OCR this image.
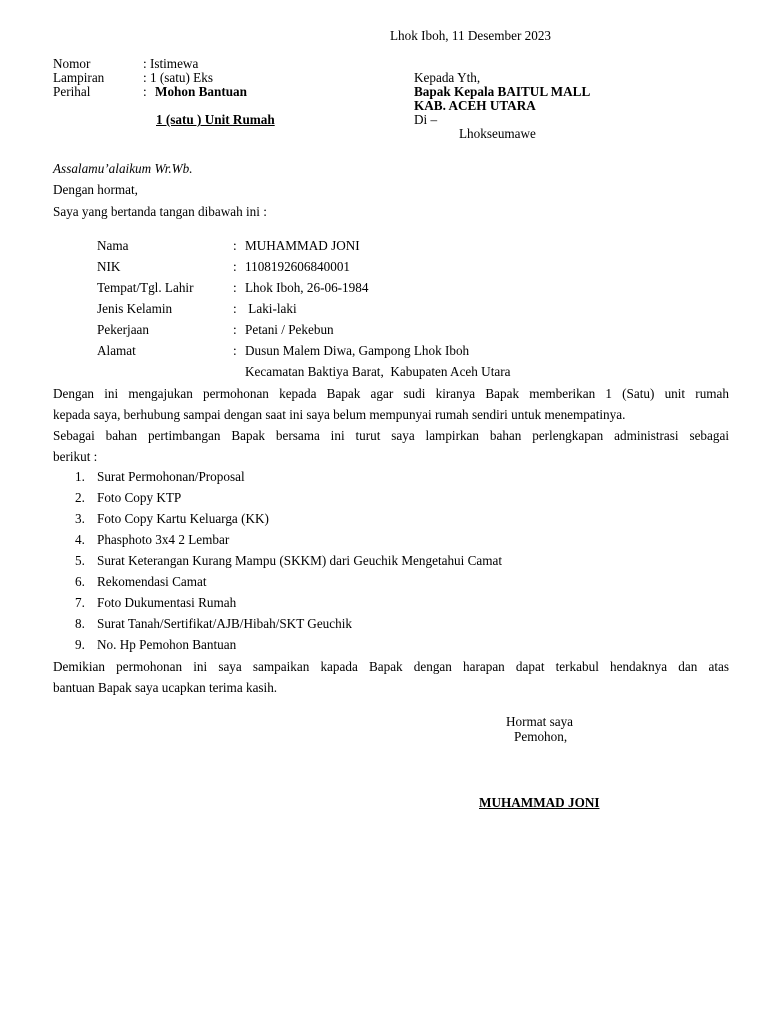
Lhok Iboh, 11 Desember 2023
Nomor	: Istimewa
Lampiran	: 1 (satu) Eks
Perihal	: Mohon Bantuan
1 (satu ) Unit Rumah
Kepada Yth,
Bapak Kepala BAITUL MALL
KAB. ACEH UTARA
Di –
Lhokseumawe
Assalamu’alaikum Wr.Wb.
Dengan hormat,
Saya yang bertanda tangan dibawah ini :
Nama	: MUHAMMAD JONI
NIK	: 1108192606840001
Tempat/Tgl. Lahir	: Lhok Iboh, 26-06-1984
Jenis Kelamin	: Laki-laki
Pekerjaan	: Petani / Pekebun
Alamat	: Dusun Malem Diwa, Gampong Lhok Iboh
Kecamatan Baktiya Barat,  Kabupaten Aceh Utara
Dengan ini mengajukan permohonan kepada Bapak agar sudi kiranya Bapak memberikan 1 (Satu) unit rumah
kepada saya, berhubung sampai dengan saat ini saya belum mempunyai rumah sendiri untuk menempatinya.
Sebagai bahan pertimbangan Bapak bersama ini turut saya lampirkan bahan perlengkapan administrasi sebagai
berikut :
1. Surat Permohonan/Proposal
2. Foto Copy KTP
3. Foto Copy Kartu Keluarga (KK)
4. Phasphoto 3x4 2 Lembar
5. Surat Keterangan Kurang Mampu (SKKM) dari Geuchik Mengetahui Camat
6. Rekomendasi Camat
7. Foto Dukumentasi Rumah
8. Surat Tanah/Sertifikat/AJB/Hibah/SKT Geuchik
9. No. Hp Pemohon Bantuan
Demikian permohonan ini saya sampaikan kapada Bapak dengan harapan dapat terkabul hendaknya dan atas
bantuan Bapak saya ucapkan terima kasih.
Hormat saya
Pemohon,
MUHAMMAD JONI
